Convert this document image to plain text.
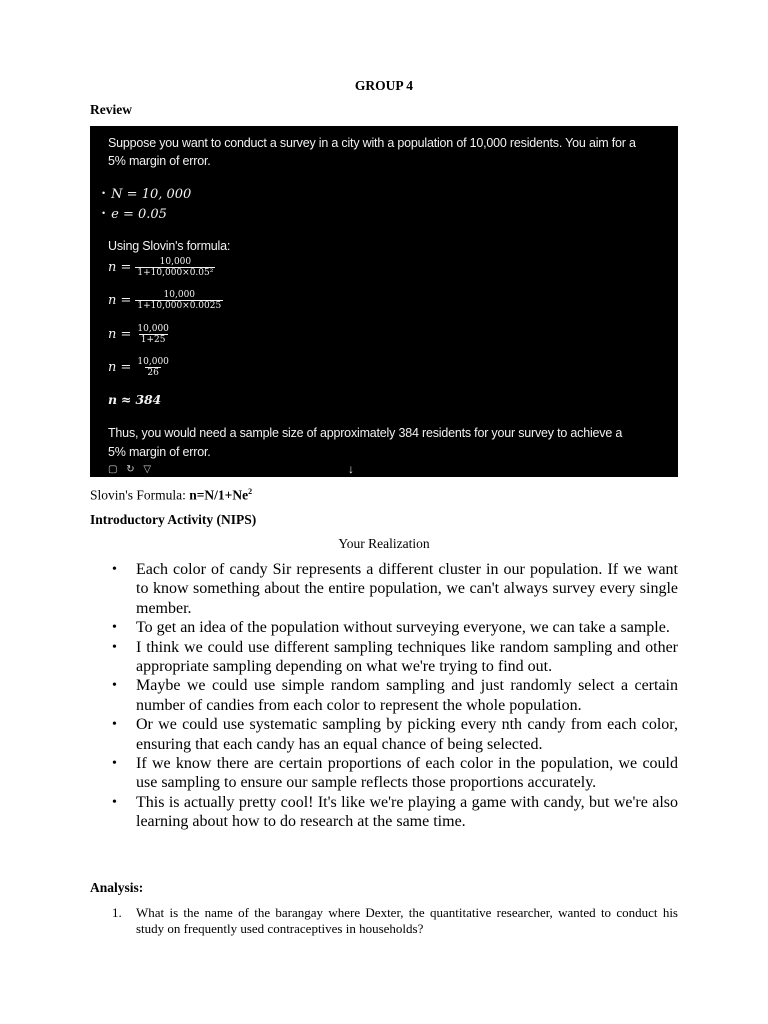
GROUP 4
Review
Suppose you want to conduct a survey in a city with a population of 10,000 residents. You aim for a
5% margin of error.
• N = 10, 000
• e = 0.05
Using Slovin's formula:
$n = \frac{10,000}{\text{1+10,000×0.05²}}$
$n = \frac{10,000}{1+10,000\times 0.0025}$
$n = \frac{10,000}{1+25}$
$n = \frac{10,000}{26}$
n ≈ 384
Thus, you would need a sample size of approximately 384 residents for your survey to achieve a
5% margin of error.
▢ ↻ ▽	↓
Slovin's Formula: $n=N/1+Ne^2$
Introductory Activity (NIPS)
Your Realization
• Each color of candy Sir represents a different cluster in our population. If we want to know something about the entire population, we can't always survey every single member.
• To get an idea of the population without surveying everyone, we can take a sample.
• I think we could use different sampling techniques like random sampling and other appropriate sampling depending on what we're trying to find out.
• Maybe we could use simple random sampling and just randomly select a certain number of candies from each color to represent the whole population.
• Or we could use systematic sampling by picking every nth candy from each color, ensuring that each candy has an equal chance of being selected.
• If we know there are certain proportions of each color in the population, we could use sampling to ensure our sample reflects those proportions accurately.
• This is actually pretty cool! It's like we're playing a game with candy, but we're also learning about how to do research at the same time.
Analysis:
1.	What is the name of the barangay where Dexter, the quantitative researcher, wanted to conduct his study on frequently used contraceptives in households?
